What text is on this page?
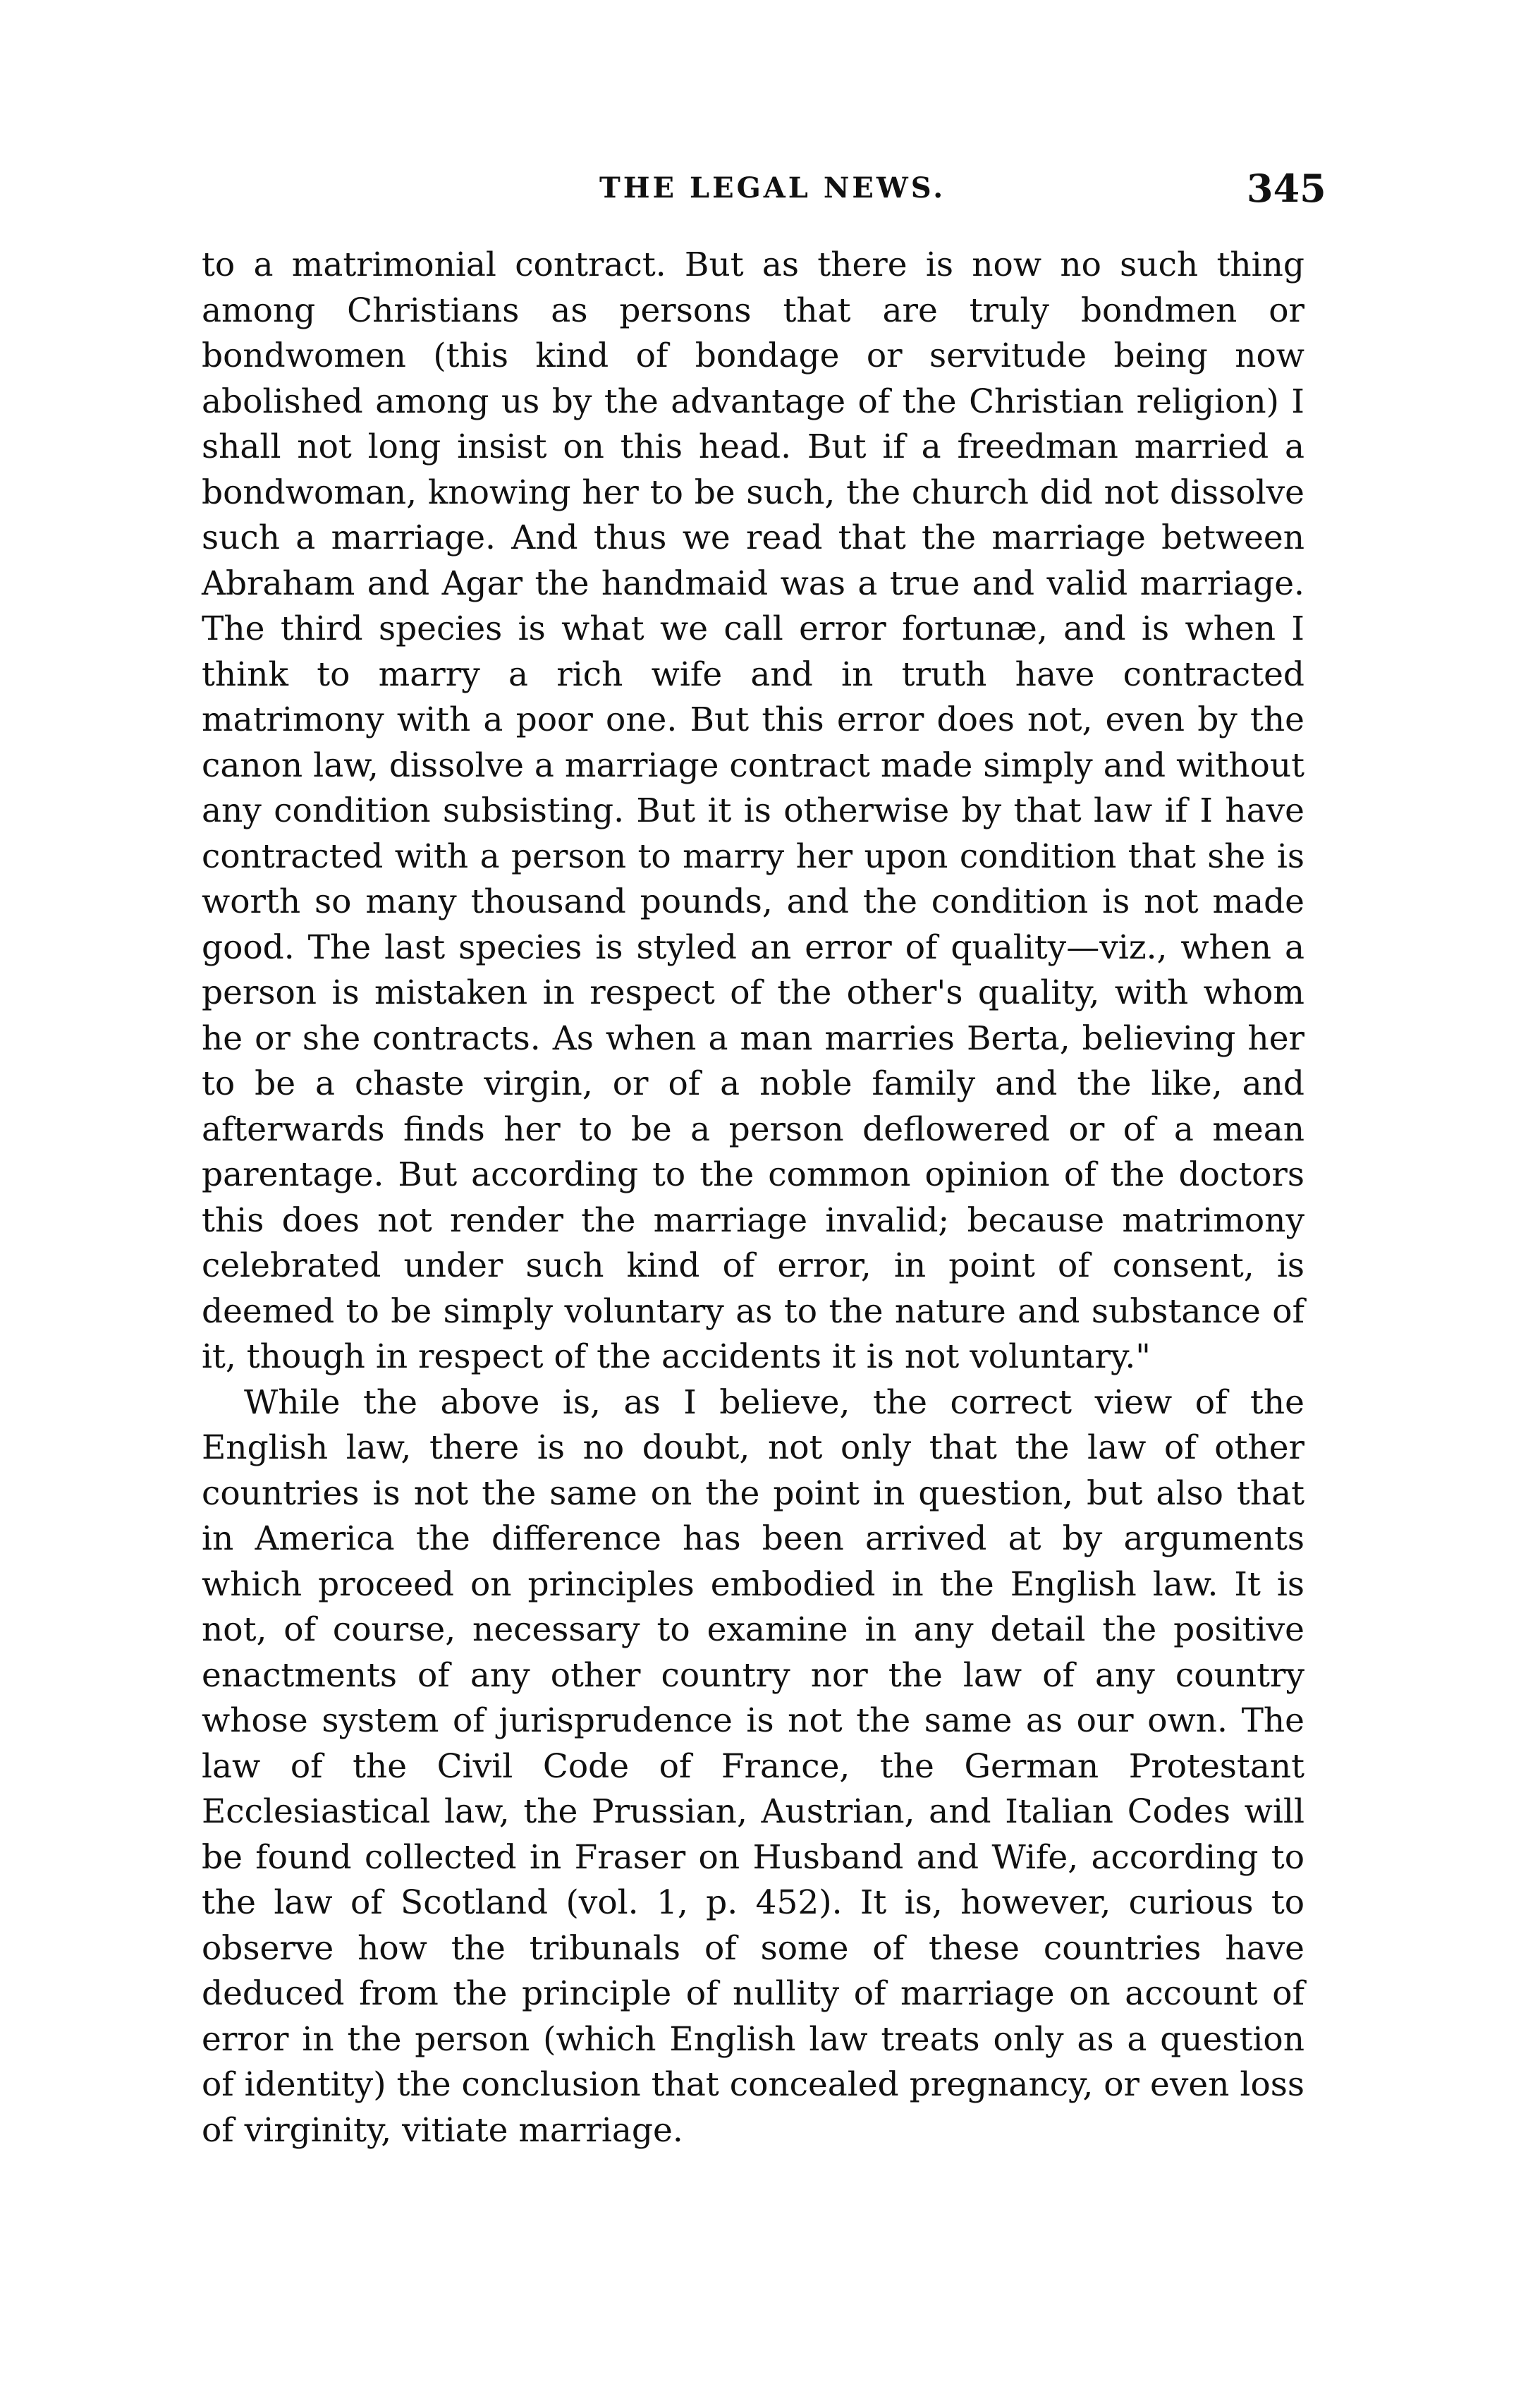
THE LEGAL NEWS.	345

to a matrimonial contract. But as there is now no such thing among Christians as persons that are truly bondmen or bondwomen (this kind of bondage or servitude being now abolished among us by the advantage of the Christian religion) I shall not long insist on this head. But if a freedman married a bondwoman, knowing her to be such, the church did not dissolve such a marriage. And thus we read that the marriage between Abraham and Agar the handmaid was a true and valid marriage. The third species is what we call error fortunæ, and is when I think to marry a rich wife and in truth have contracted matrimony with a poor one. But this error does not, even by the canon law, dissolve a marriage contract made simply and without any condition subsisting. But it is otherwise by that law if I have contracted with a person to marry her upon condition that she is worth so many thousand pounds, and the condition is not made good. The last species is styled an error of quality—viz., when a person is mistaken in respect of the other's quality, with whom he or she contracts. As when a man marries Berta, believing her to be a chaste virgin, or of a noble family and the like, and afterwards finds her to be a person deflowered or of a mean parentage. But according to the common opinion of the doctors this does not render the marriage invalid; because matrimony celebrated under such kind of error, in point of consent, is deemed to be simply voluntary as to the nature and substance of it, though in respect of the accidents it is not voluntary."

While the above is, as I believe, the correct view of the English law, there is no doubt, not only that the law of other countries is not the same on the point in question, but also that in America the difference has been arrived at by arguments which proceed on principles embodied in the English law. It is not, of course, necessary to examine in any detail the positive enactments of any other country nor the law of any country whose system of jurisprudence is not the same as our own. The law of the Civil Code of France, the German Protestant Ecclesiastical law, the Prussian, Austrian, and Italian Codes will be found collected in Fraser on Husband and Wife, according to the law of Scotland (vol. 1, p. 452). It is, however, curious to observe how the tribunals of some of these countries have deduced from the principle of nullity of marriage on account of error in the person (which English law treats only as a question of identity) the conclusion that concealed pregnancy, or even loss of virginity, vitiate marriage.
